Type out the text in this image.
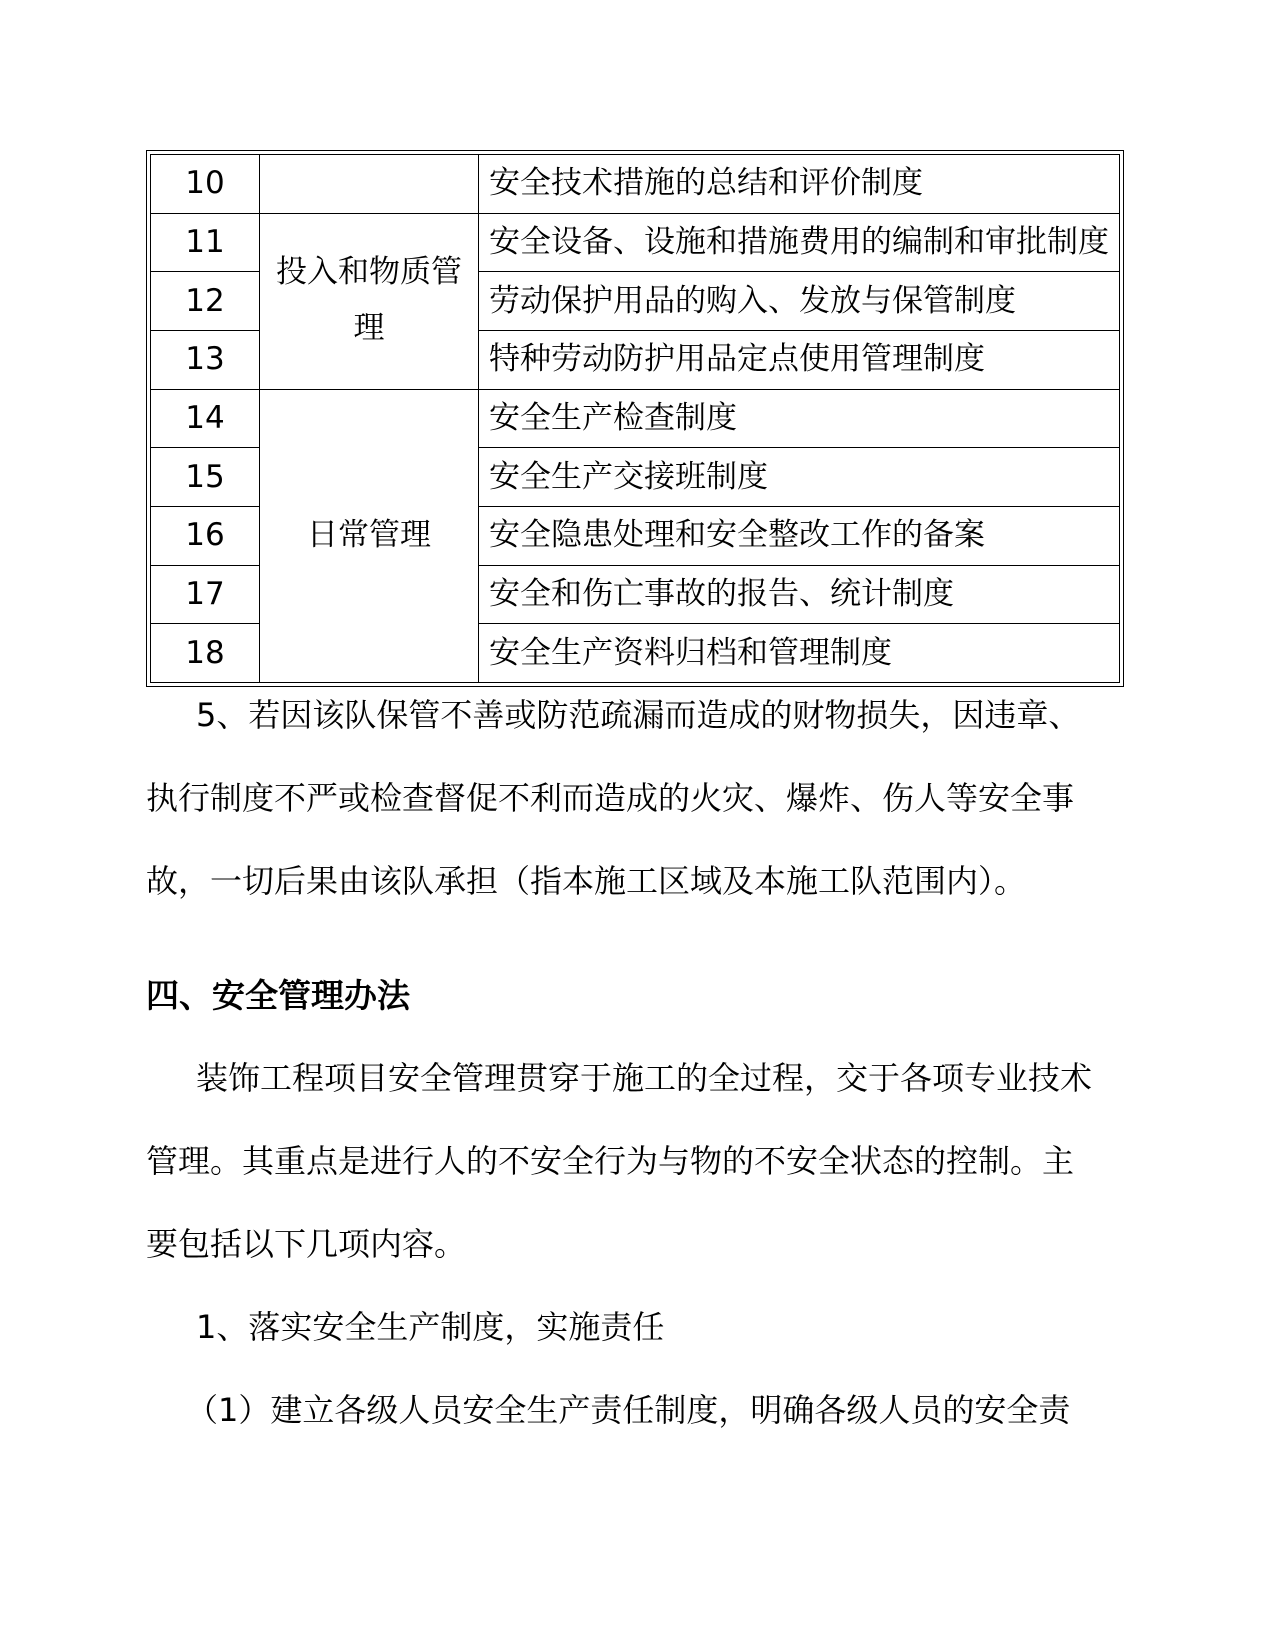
10		安全技术措施的总结和评价制度
11	投入和物质管理	安全设备、设施和措施费用的编制和审批制度
12		劳动保护用品的购入、发放与保管制度
13		特种劳动防护用品定点使用管理制度
14	日常管理	安全生产检查制度
15		安全生产交接班制度
16		安全隐患处理和安全整改工作的备案
17		安全和伤亡事故的报告、统计制度
18		安全生产资料归档和管理制度
5、若因该队保管不善或防范疏漏而造成的财物损失，因违章、
执行制度不严或检查督促不利而造成的火灾、爆炸、伤人等安全事
故，一切后果由该队承担（指本施工区域及本施工队范围内）。
四、安全管理办法
装饰工程项目安全管理贯穿于施工的全过程，交于各项专业技术
管理。其重点是进行人的不安全行为与物的不安全状态的控制。主
要包括以下几项内容。
1、落实安全生产制度，实施责任
（1）建立各级人员安全生产责任制度，明确各级人员的安全责
